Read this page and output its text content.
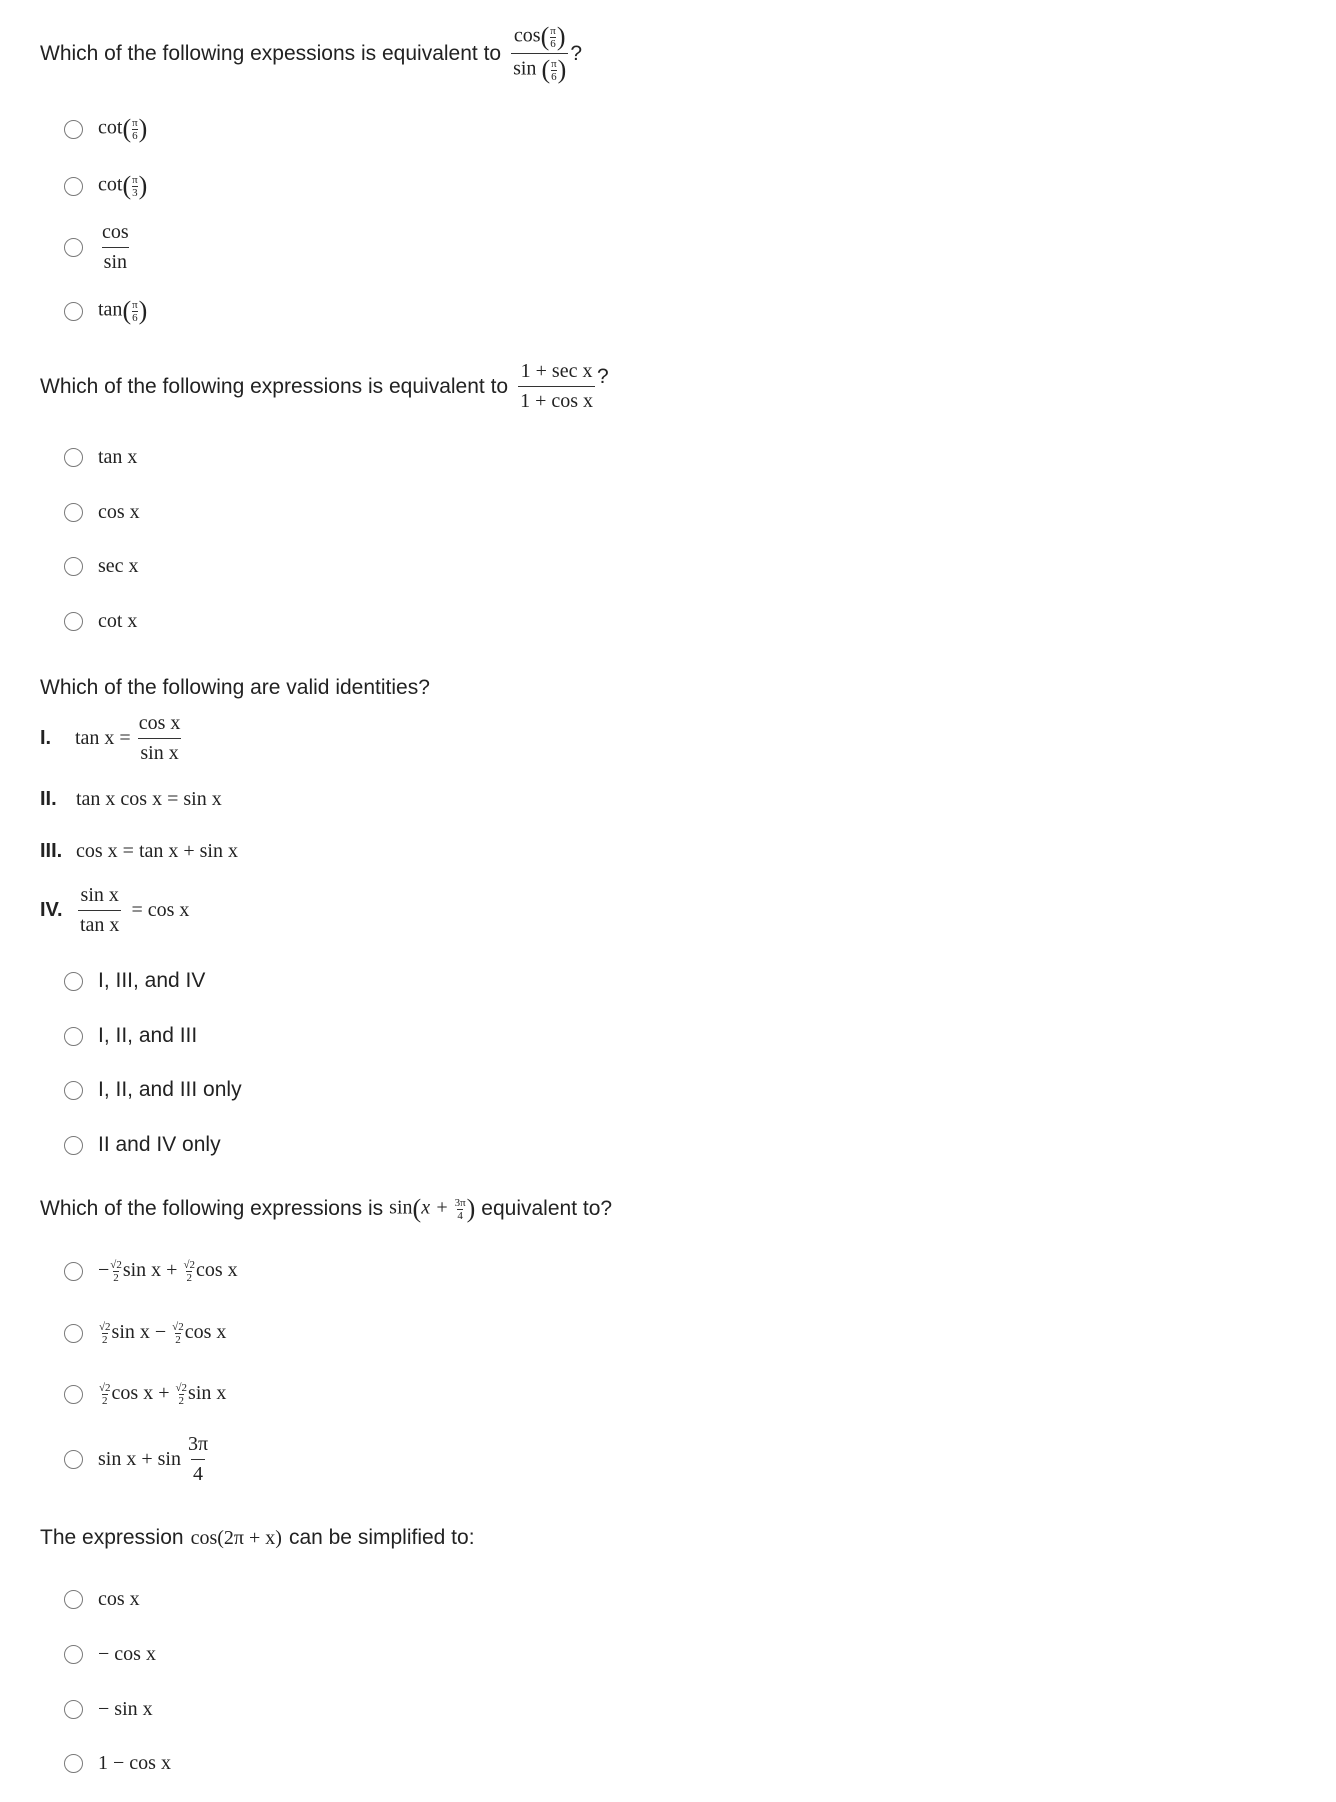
Which of the following expessions is equivalent to $\frac{\cos( \frac{\pi}{6} )}{\sin ( \frac{\pi}{6} )}$ ?
$\cot( \frac{\pi}{6}$ )
$\cot( \frac{\pi}{3}$ )
$\frac{\cos}{\sin}$
$\tan( \frac{\pi}{6}$ )
Which of the following expressions is equivalent to $\frac{\text{1 + sec x}}{\text{1 + cos x}}$ ?
tan x
cos x
sec x
cot x
Which of the following are valid identities?
I.	$\tan x = \frac{\text{cos x}}{\text{sin x}}$
II. tan x cos x = sin x
III. cos x = tan x + sin x
IV. $\frac{\text{sin x}}{\text{tan x}} = \cos x$
I, III, and IV
I, II, and III
I, II, and III only
II and IV only
Which of the following expressions is $\sin(x + \frac{3\pi}{4}$ ) equivalent to?
− $\frac{√2}{2}$ $\sin x + \frac{√2}{2}$ cos x
$\frac{√2}{2}$ $\sin x - \frac{√2}{2}$ cos x
$\frac{√2}{2}$ $\cos x + \frac{√2}{2}$ sin x
$\sin x + \sin \frac{3\pi}{4}$
The expression cos(2π + x) can be simplified to:
cos x
− cos x
− sin x
1 − cos x
